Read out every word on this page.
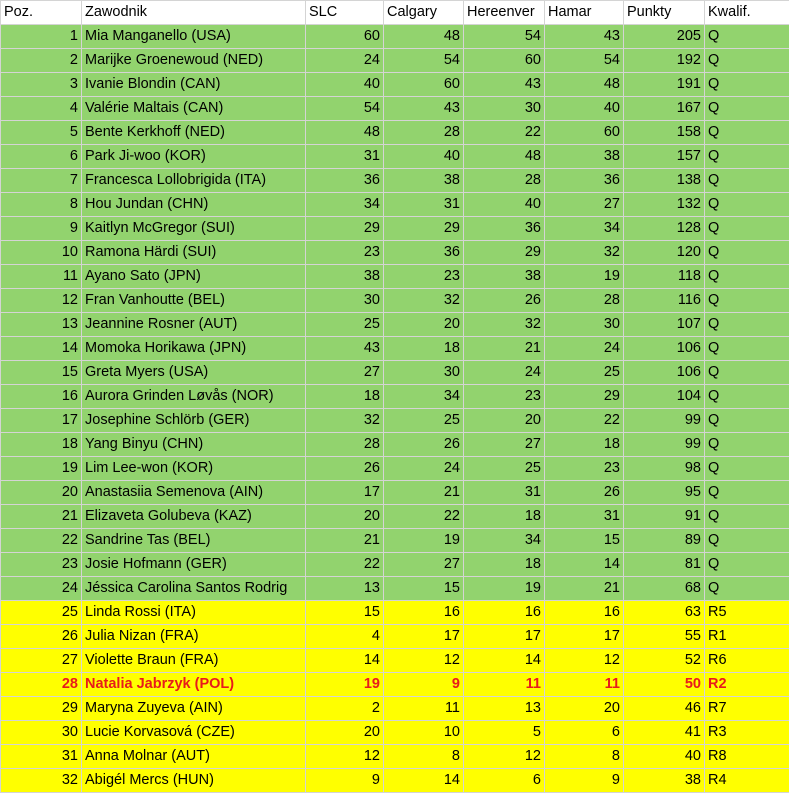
Poz.	Zawodnik	SLC	Calgary	Hereenver	Hamar	Punkty	Kwalif.
1	Mia Manganello (USA)	60	48	54	43	205	Q
2	Marijke Groenewoud (NED)	24	54	60	54	192	Q
3	Ivanie Blondin (CAN)	40	60	43	48	191	Q
4	Valérie Maltais (CAN)	54	43	30	40	167	Q
5	Bente Kerkhoff (NED)	48	28	22	60	158	Q
6	Park Ji-woo (KOR)	31	40	48	38	157	Q
7	Francesca Lollobrigida (ITA)	36	38	28	36	138	Q
8	Hou Jundan (CHN)	34	31	40	27	132	Q
9	Kaitlyn McGregor (SUI)	29	29	36	34	128	Q
10	Ramona Härdi (SUI)	23	36	29	32	120	Q
11	Ayano Sato (JPN)	38	23	38	19	118	Q
12	Fran Vanhoutte (BEL)	30	32	26	28	116	Q
13	Jeannine Rosner (AUT)	25	20	32	30	107	Q
14	Momoka Horikawa (JPN)	43	18	21	24	106	Q
15	Greta Myers (USA)	27	30	24	25	106	Q
16	Aurora Grinden Løvås (NOR)	18	34	23	29	104	Q
17	Josephine Schlörb (GER)	32	25	20	22	99	Q
18	Yang Binyu (CHN)	28	26	27	18	99	Q
19	Lim Lee-won (KOR)	26	24	25	23	98	Q
20	Anastasiia Semenova (AIN)	17	21	31	26	95	Q
21	Elizaveta Golubeva (KAZ)	20	22	18	31	91	Q
22	Sandrine Tas (BEL)	21	19	34	15	89	Q
23	Josie Hofmann (GER)	22	27	18	14	81	Q
24	Jéssica Carolina Santos Rodrig	13	15	19	21	68	Q
25	Linda Rossi (ITA)	15	16	16	16	63	R5
26	Julia Nizan (FRA)	4	17	17	17	55	R1
27	Violette Braun (FRA)	14	12	14	12	52	R6
28	Natalia Jabrzyk (POL)	19	9	11	11	50	R2
29	Maryna Zuyeva (AIN)	2	11	13	20	46	R7
30	Lucie Korvasová (CZE)	20	10	5	6	41	R3
31	Anna Molnar (AUT)	12	8	12	8	40	R8
32	Abigél Mercs (HUN)	9	14	6	9	38	R4
